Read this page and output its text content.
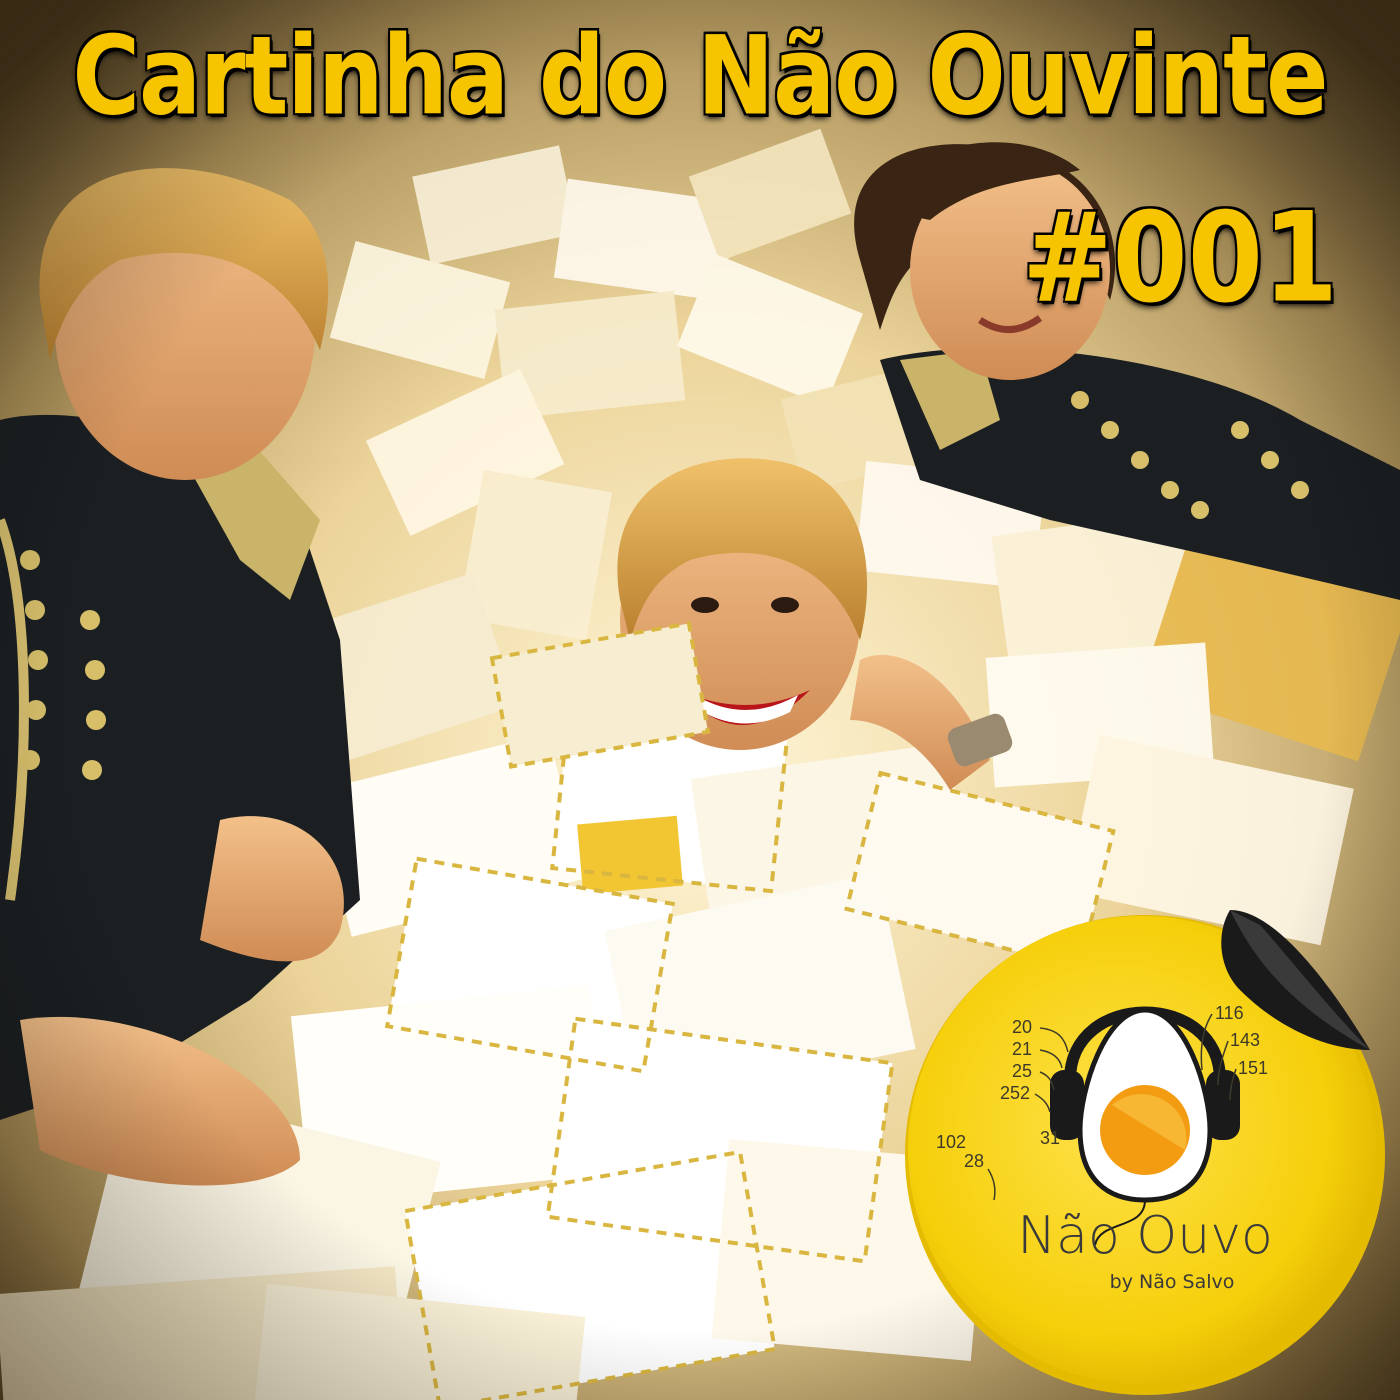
Cartinha do Não Ouvinte
#001
20
21
25
252
31
116
143
151
102
28
Não Ouvo
by Não Salvo
